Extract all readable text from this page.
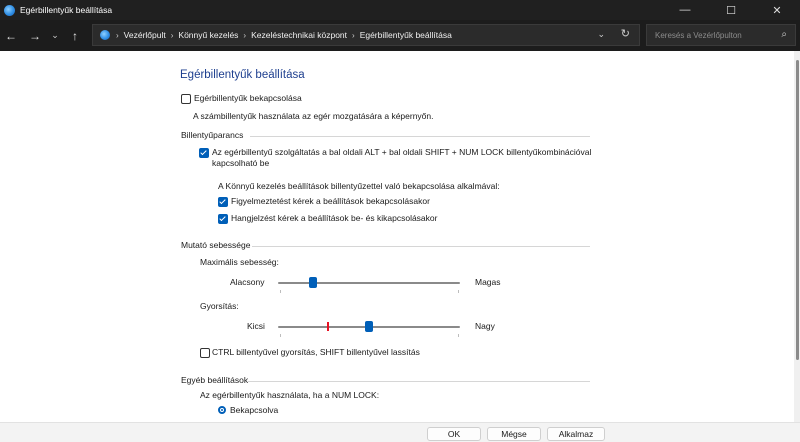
Egérbillentyűk beállítása	—	☐	✕
← →	⌄	↑	› Vezérlőpult › Könnyű kezelés › Kezeléstechnikai központ › Egérbillentyűk beállítása	⌄ ↻	Keresés a Vezérlőpulton	⌕
Egérbillentyűk beállítása
Egérbillentyűk bekapcsolása
A számbillentyűk használata az egér mozgatására a képernyőn.
Billentyűparancs
Az egérbillentyű szolgáltatás a bal oldali ALT + bal oldali SHIFT + NUM LOCK billentyűkombinációval
kapcsolható be
A Könnyű kezelés beállítások billentyűzettel való bekapcsolása alkalmával:
Figyelmeztetést kérek a beállítások bekapcsolásakor
Hangjelzést kérek a beállítások be- és kikapcsolásakor
Mutató sebessége
Maximális sebesség:
Alacsony	Magas
Gyorsítás:
Kicsi	Nagy
CTRL billentyűvel gyorsítás, SHIFT billentyűvel lassítás
Egyéb beállítások
Az egérbillentyűk használata, ha a NUM LOCK:
Bekapcsolva
OK	Mégse	Alkalmaz
